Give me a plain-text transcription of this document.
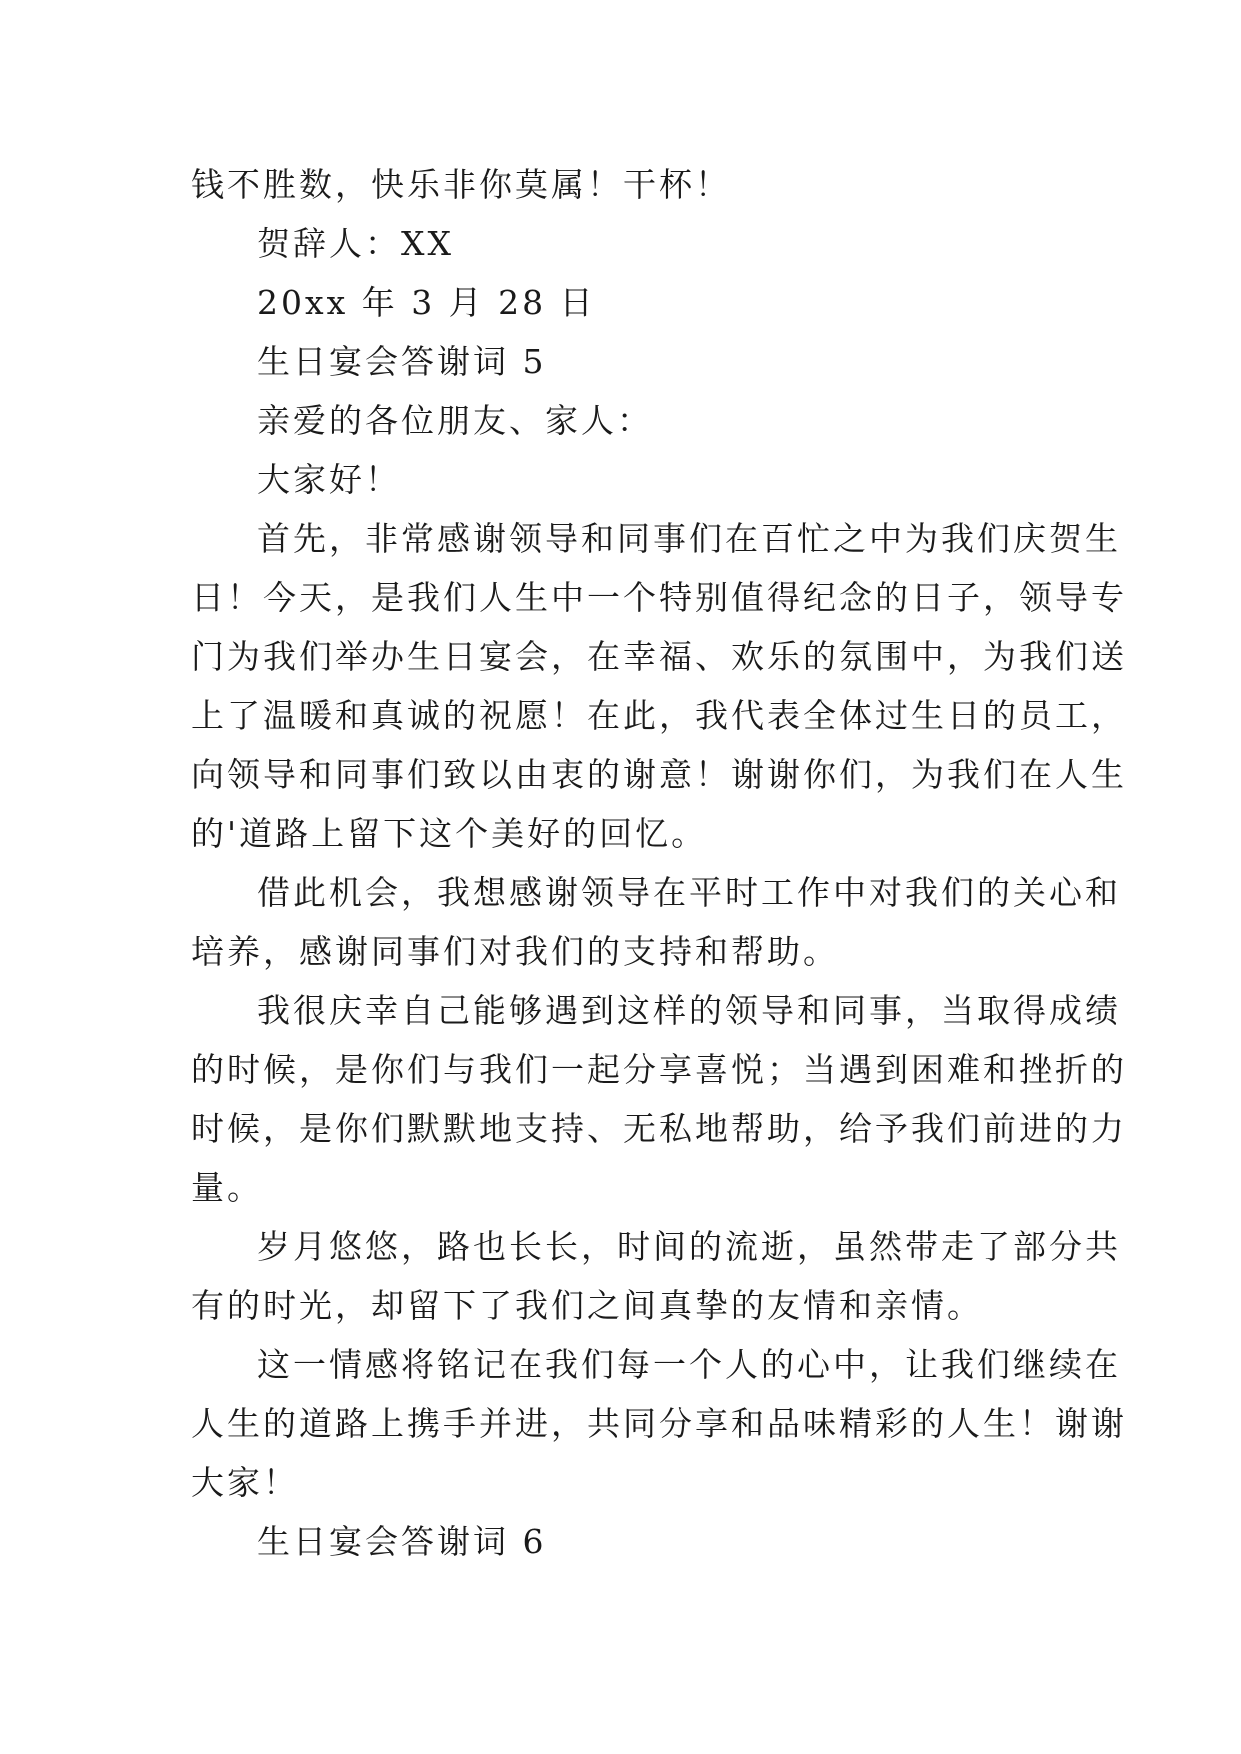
钱不胜数，快乐非你莫属！干杯！

贺辞人：XX

20xx 年 3 月 28 日

生日宴会答谢词 5

亲爱的各位朋友、家人：

大家好！

首先，非常感谢领导和同事们在百忙之中为我们庆贺生

日！今天，是我们人生中一个特别值得纪念的日子，领导专

门为我们举办生日宴会，在幸福、欢乐的氛围中，为我们送

上了温暖和真诚的祝愿！在此，我代表全体过生日的员工，

向领导和同事们致以由衷的谢意！谢谢你们，为我们在人生

的'道路上留下这个美好的回忆。

借此机会，我想感谢领导在平时工作中对我们的关心和

培养，感谢同事们对我们的支持和帮助。

我很庆幸自己能够遇到这样的领导和同事，当取得成绩

的时候，是你们与我们一起分享喜悦；当遇到困难和挫折的

时候，是你们默默地支持、无私地帮助，给予我们前进的力

量。

岁月悠悠，路也长长，时间的流逝，虽然带走了部分共

有的时光，却留下了我们之间真挚的友情和亲情。

这一情感将铭记在我们每一个人的心中，让我们继续在

人生的道路上携手并进，共同分享和品味精彩的人生！谢谢

大家！

生日宴会答谢词 6
